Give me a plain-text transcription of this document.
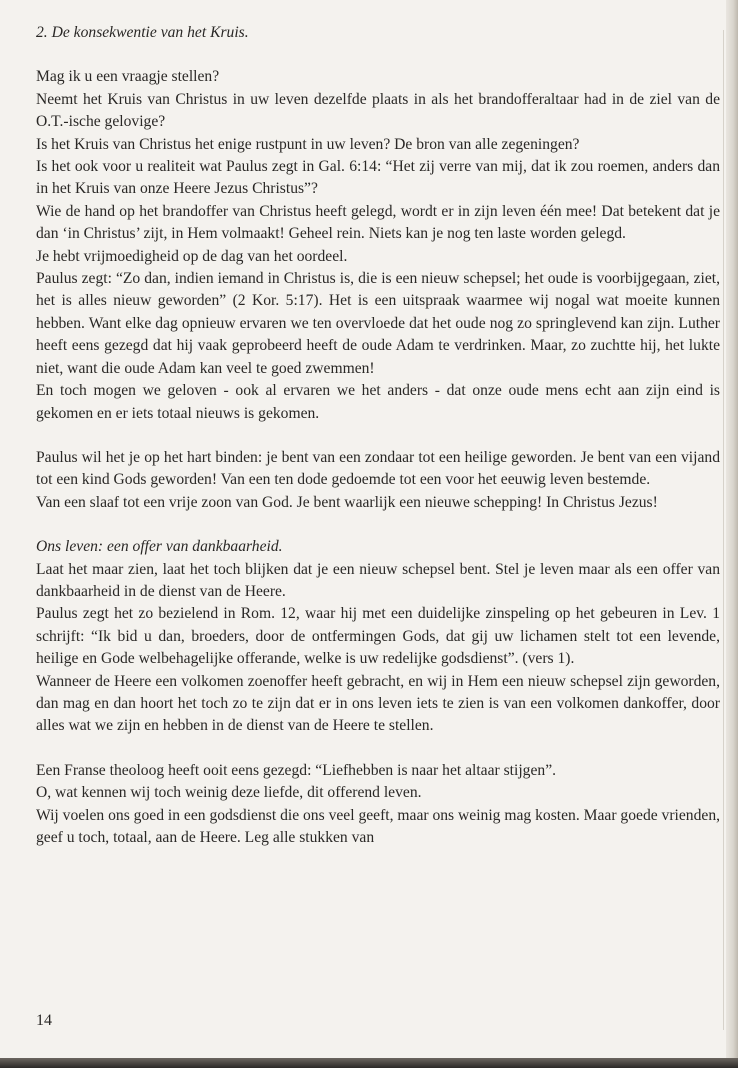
2. De konsekwentie van het Kruis.

Mag ik u een vraagje stellen?

Neemt het Kruis van Christus in uw leven dezelfde plaats in als het brandofferaltaar had in de ziel van de O.T.-ische gelovige?

Is het Kruis van Christus het enige rustpunt in uw leven? De bron van alle zegeningen?

Is het ook voor u realiteit wat Paulus zegt in Gal. 6:14: “Het zij verre van mij, dat ik zou roemen, anders dan in het Kruis van onze Heere Jezus Christus”?

Wie de hand op het brandoffer van Christus heeft gelegd, wordt er in zijn leven één mee! Dat betekent dat je dan ‘in Christus’ zijt, in Hem volmaakt! Geheel rein. Niets kan je nog ten laste worden gelegd.

Je hebt vrijmoedigheid op de dag van het oordeel.

Paulus zegt: “Zo dan, indien iemand in Christus is, die is een nieuw schepsel; het oude is voorbijgegaan, ziet, het is alles nieuw geworden” (2 Kor. 5:17). Het is een uitspraak waarmee wij nogal wat moeite kunnen hebben. Want elke dag opnieuw ervaren we ten overvloede dat het oude nog zo springlevend kan zijn. Luther heeft eens gezegd dat hij vaak geprobeerd heeft de oude Adam te verdrinken. Maar, zo zuchtte hij, het lukte niet, want die oude Adam kan veel te goed zwemmen!

En toch mogen we geloven - ook al ervaren we het anders - dat onze oude mens echt aan zijn eind is gekomen en er iets totaal nieuws is gekomen.

Paulus wil het je op het hart binden: je bent van een zondaar tot een heilige geworden. Je bent van een vijand tot een kind Gods geworden! Van een ten dode gedoemde tot een voor het eeuwig leven bestemde.

Van een slaaf tot een vrije zoon van God. Je bent waarlijk een nieuwe schepping! In Christus Jezus!

Ons leven: een offer van dankbaarheid.

Laat het maar zien, laat het toch blijken dat je een nieuw schepsel bent. Stel je leven maar als een offer van dankbaarheid in de dienst van de Heere.

Paulus zegt het zo bezielend in Rom. 12, waar hij met een duidelijke zinspeling op het gebeuren in Lev. 1 schrijft: “Ik bid u dan, broeders, door de ontfermingen Gods, dat gij uw lichamen stelt tot een levende, heilige en Gode welbehagelijke offerande, welke is uw redelijke godsdienst”. (vers 1).

Wanneer de Heere een volkomen zoenoffer heeft gebracht, en wij in Hem een nieuw schepsel zijn geworden, dan mag en dan hoort het toch zo te zijn dat er in ons leven iets te zien is van een volkomen dankoffer, door alles wat we zijn en hebben in de dienst van de Heere te stellen.

Een Franse theoloog heeft ooit eens gezegd: “Liefhebben is naar het altaar stijgen”.

O, wat kennen wij toch weinig deze liefde, dit offerend leven.

Wij voelen ons goed in een godsdienst die ons veel geeft, maar ons weinig mag kosten. Maar goede vrienden, geef u toch, totaal, aan de Heere. Leg alle stukken van

14
